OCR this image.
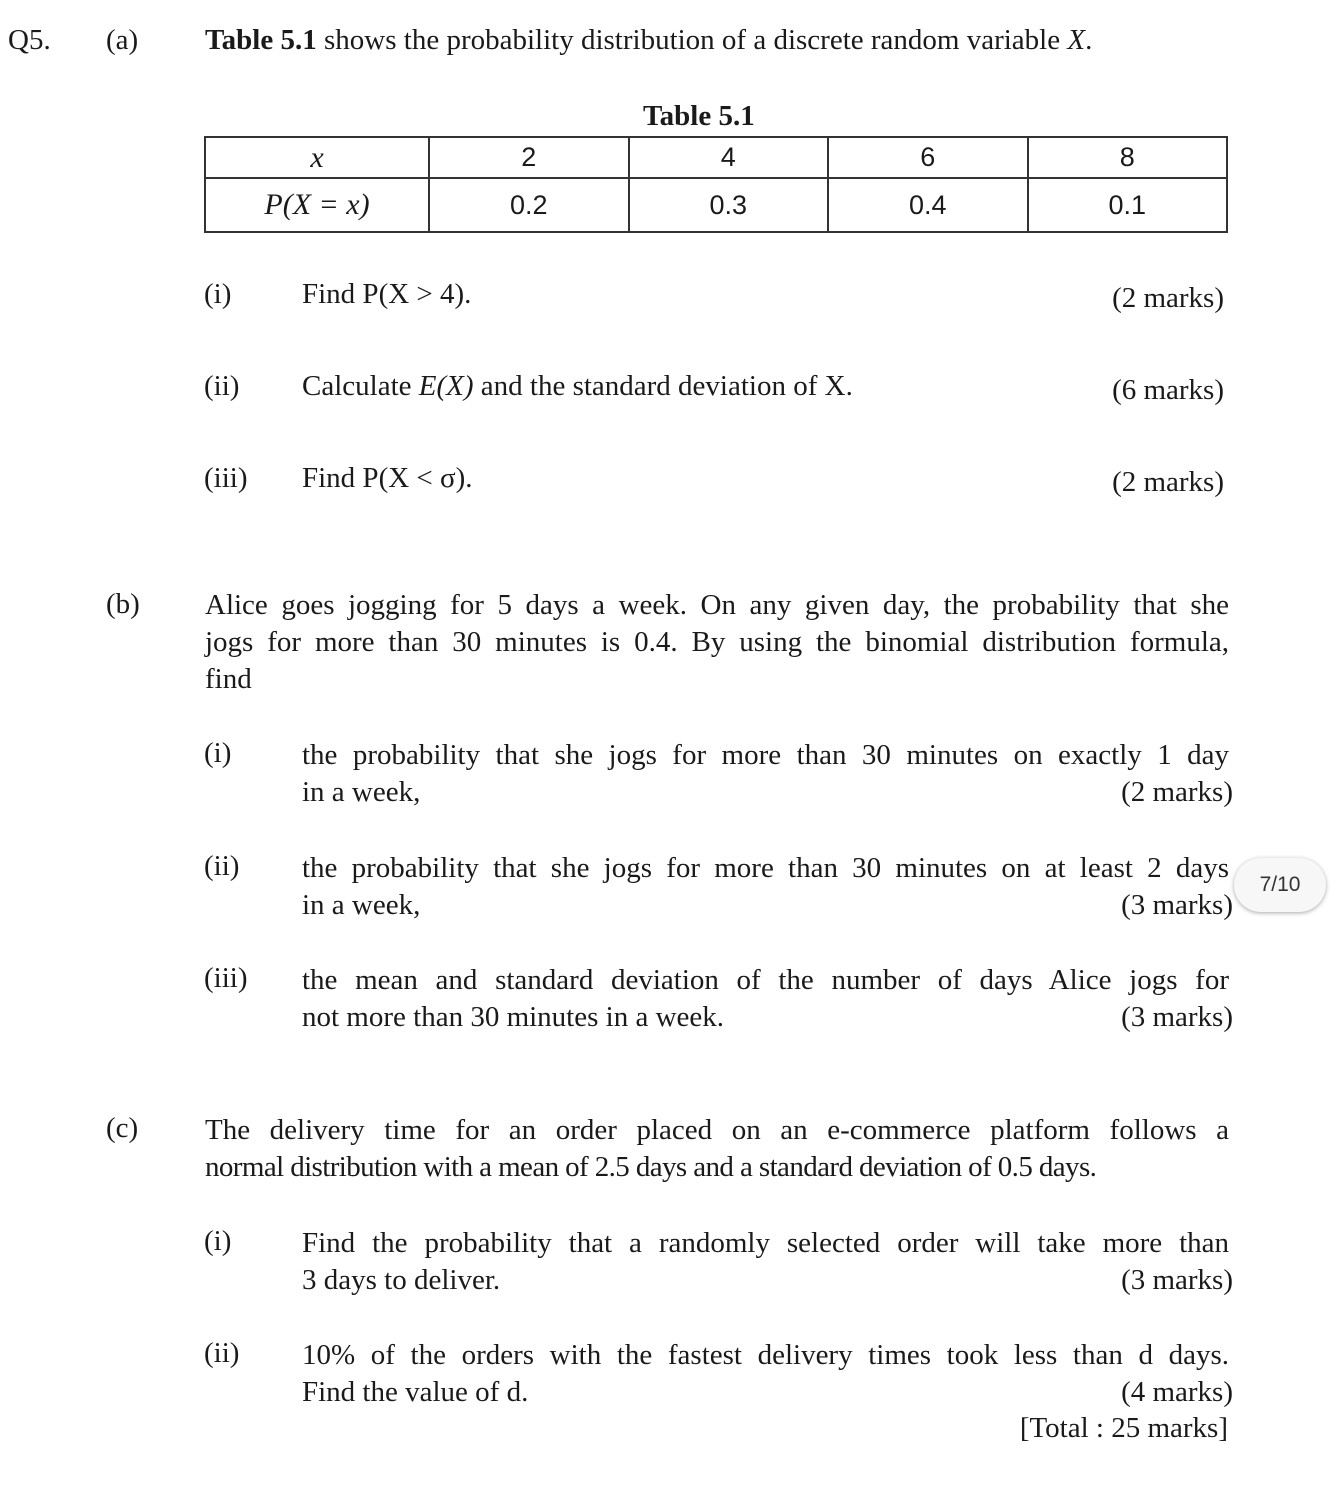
Q5. (a) Table 5.1 shows the probability distribution of a discrete random variable X.
Table 5.1
x	2	4	6	8
P(X = x)	0.2	0.3	0.4	0.1
(i) Find P(X > 4).	(2 marks)
(ii) Calculate E(X) and the standard deviation of X.	(6 marks)
(iii) Find P(X < σ).	(2 marks)
(b) Alice goes jogging for 5 days a week. On any given day, the probability that she
jogs for more than 30 minutes is 0.4. By using the binomial distribution formula,
find
(i) the probability that she jogs for more than 30 minutes on exactly 1 day
in a week,	(2 marks)
(ii) the probability that she jogs for more than 30 minutes on at least 2 days
in a week,	(3 marks)
(iii) the mean and standard deviation of the number of days Alice jogs for
not more than 30 minutes in a week.	(3 marks)
(c) The delivery time for an order placed on an e-commerce platform follows a
normal distribution with a mean of 2.5 days and a standard deviation of 0.5 days.
(i) Find the probability that a randomly selected order will take more than
3 days to deliver.	(3 marks)
(ii) 10% of the orders with the fastest delivery times took less than d days.
Find the value of d.	(4 marks)
[Total : 25 marks]
7/10
